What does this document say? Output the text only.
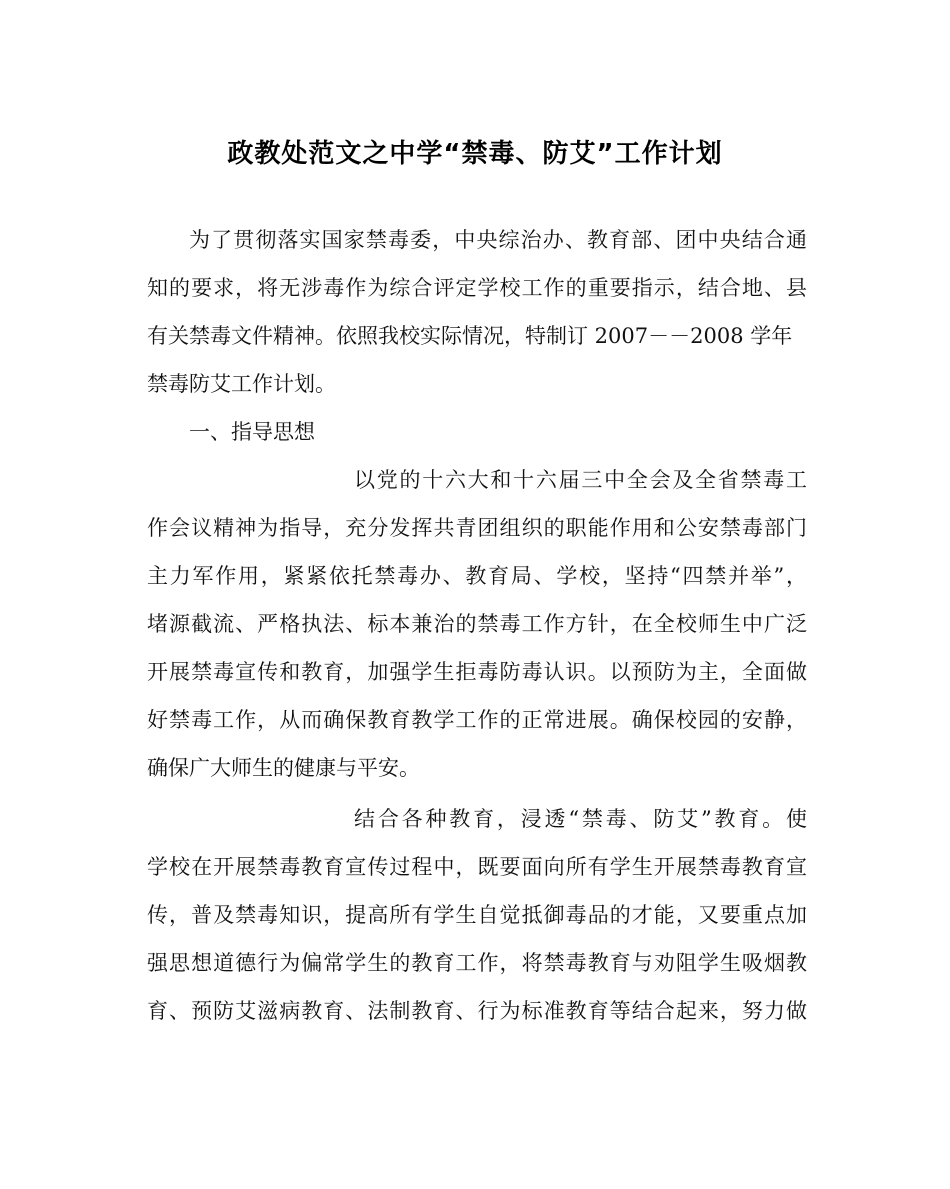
政教处范文之中学“禁毒、防艾”工作计划
为了贯彻落实国家禁毒委，中央综治办、教育部、团中央结合通
知的要求，将无涉毒作为综合评定学校工作的重要指示，结合地、县
有关禁毒文件精神。依照我校实际情况，特制订 2007－－2008 学年
禁毒防艾工作计划。
一、指导思想
以党的十六大和十六届三中全会及全省禁毒工
作会议精神为指导，充分发挥共青团组织的职能作用和公安禁毒部门
主力军作用，紧紧依托禁毒办、教育局、学校，坚持“四禁并举”，
堵源截流、严格执法、标本兼治的禁毒工作方针，在全校师生中广泛
开展禁毒宣传和教育，加强学生拒毒防毒认识。以预防为主，全面做
好禁毒工作，从而确保教育教学工作的正常进展。确保校园的安静，
确保广大师生的健康与平安。
结合各种教育，浸透“禁毒、防艾”教育。使
学校在开展禁毒教育宣传过程中，既要面向所有学生开展禁毒教育宣
传，普及禁毒知识，提高所有学生自觉抵御毒品的才能，又要重点加
强思想道德行为偏常学生的教育工作，将禁毒教育与劝阻学生吸烟教
育、预防艾滋病教育、法制教育、行为标准教育等结合起来，努力做
